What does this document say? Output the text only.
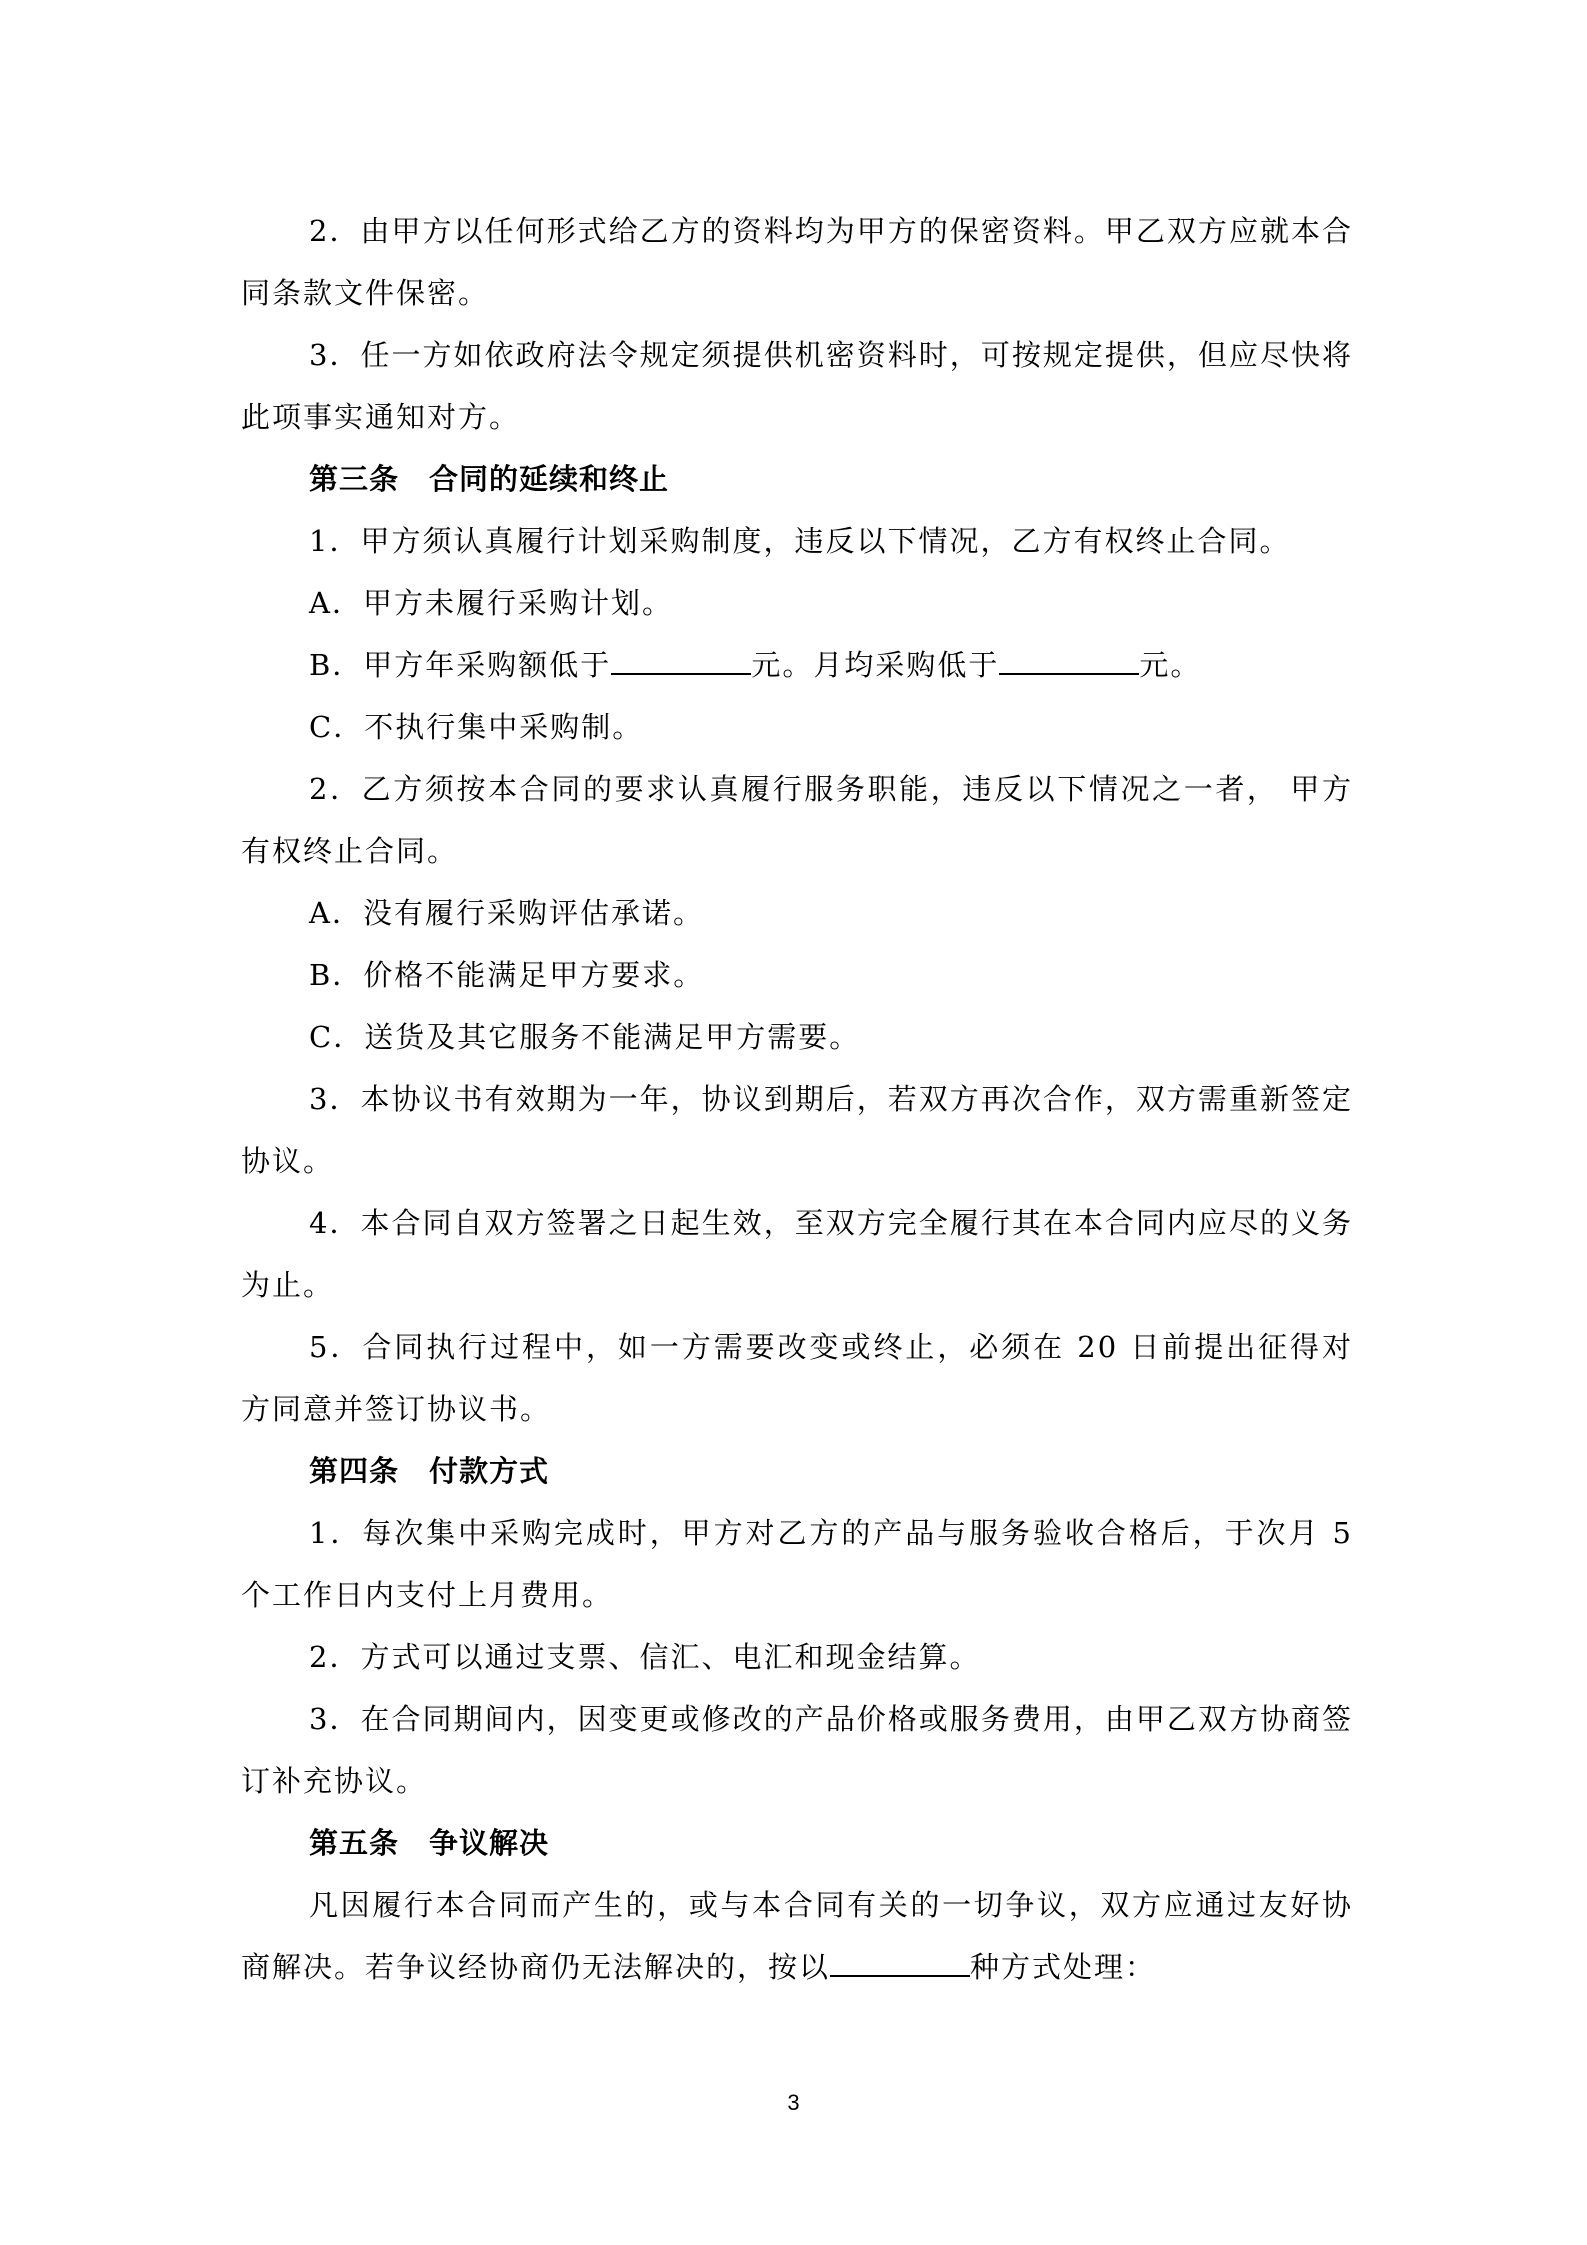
2．由甲方以任何形式给乙方的资料均为甲方的保密资料。甲乙双方应就本合同条款文件保密。

3．任一方如依政府法令规定须提供机密资料时，可按规定提供，但应尽快将此项事实通知对方。

第三条　合同的延续和终止

1．甲方须认真履行计划采购制度，违反以下情况，乙方有权终止合同。

A．甲方未履行采购计划。

B．甲方年采购额低于	元。月均采购低于	元。

C．不执行集中采购制。

2．乙方须按本合同的要求认真履行服务职能，违反以下情况之一者， 甲方有权终止合同。

A．没有履行采购评估承诺。

B．价格不能满足甲方要求。

C．送货及其它服务不能满足甲方需要。

3．本协议书有效期为一年，协议到期后，若双方再次合作，双方需重新签定协议。

4．本合同自双方签署之日起生效，至双方完全履行其在本合同内应尽的义务为止。

5．合同执行过程中，如一方需要改变或终止，必须在 20 日前提出征得对方同意并签订协议书。

第四条　付款方式

1．每次集中采购完成时，甲方对乙方的产品与服务验收合格后，于次月 5 个工作日内支付上月费用。

2．方式可以通过支票、信汇、电汇和现金结算。

3．在合同期间内，因变更或修改的产品价格或服务费用，由甲乙双方协商签订补充协议。

第五条　争议解决

凡因履行本合同而产生的，或与本合同有关的一切争议，双方应通过友好协商解决。若争议经协商仍无法解决的，按以	种方式处理：

3
